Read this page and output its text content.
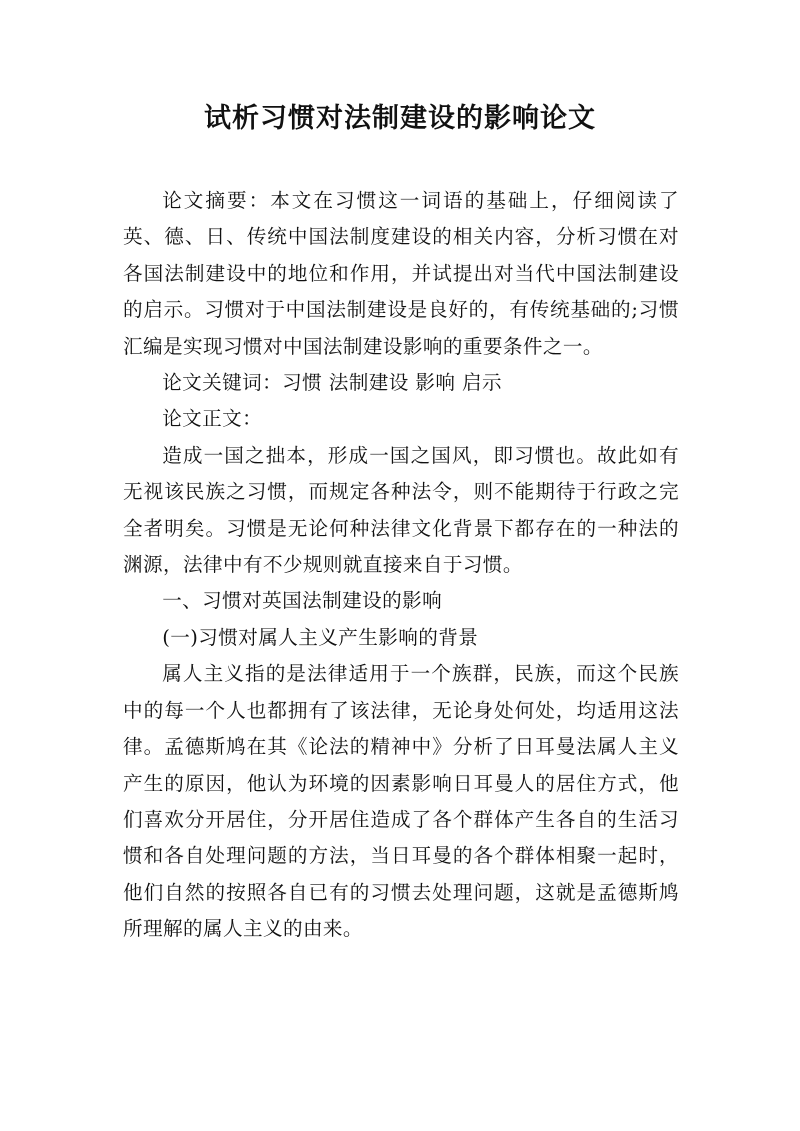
试析习惯对法制建设的影响论文

论文摘要：本文在习惯这一词语的基础上，仔细阅读了英、德、日、传统中国法制度建设的相关内容，分析习惯在对各国法制建设中的地位和作用，并试提出对当代中国法制建设的启示。习惯对于中国法制建设是良好的，有传统基础的;习惯汇编是实现习惯对中国法制建设影响的重要条件之一。

论文关键词：习惯 法制建设 影响 启示

论文正文：

造成一国之拙本，形成一国之国风，即习惯也。故此如有无视该民族之习惯，而规定各种法令，则不能期待于行政之完全者明矣。习惯是无论何种法律文化背景下都存在的一种法的渊源，法律中有不少规则就直接来自于习惯。

一、习惯对英国法制建设的影响

(一)习惯对属人主义产生影响的背景

属人主义指的是法律适用于一个族群，民族，而这个民族中的每一个人也都拥有了该法律，无论身处何处，均适用这法律。孟德斯鸠在其《论法的精神中》分析了日耳曼法属人主义产生的原因，他认为环境的因素影响日耳曼人的居住方式，他们喜欢分开居住，分开居住造成了各个群体产生各自的生活习惯和各自处理问题的方法，当日耳曼的各个群体相聚一起时，他们自然的按照各自已有的习惯去处理问题，这就是孟德斯鸠所理解的属人主义的由来。
